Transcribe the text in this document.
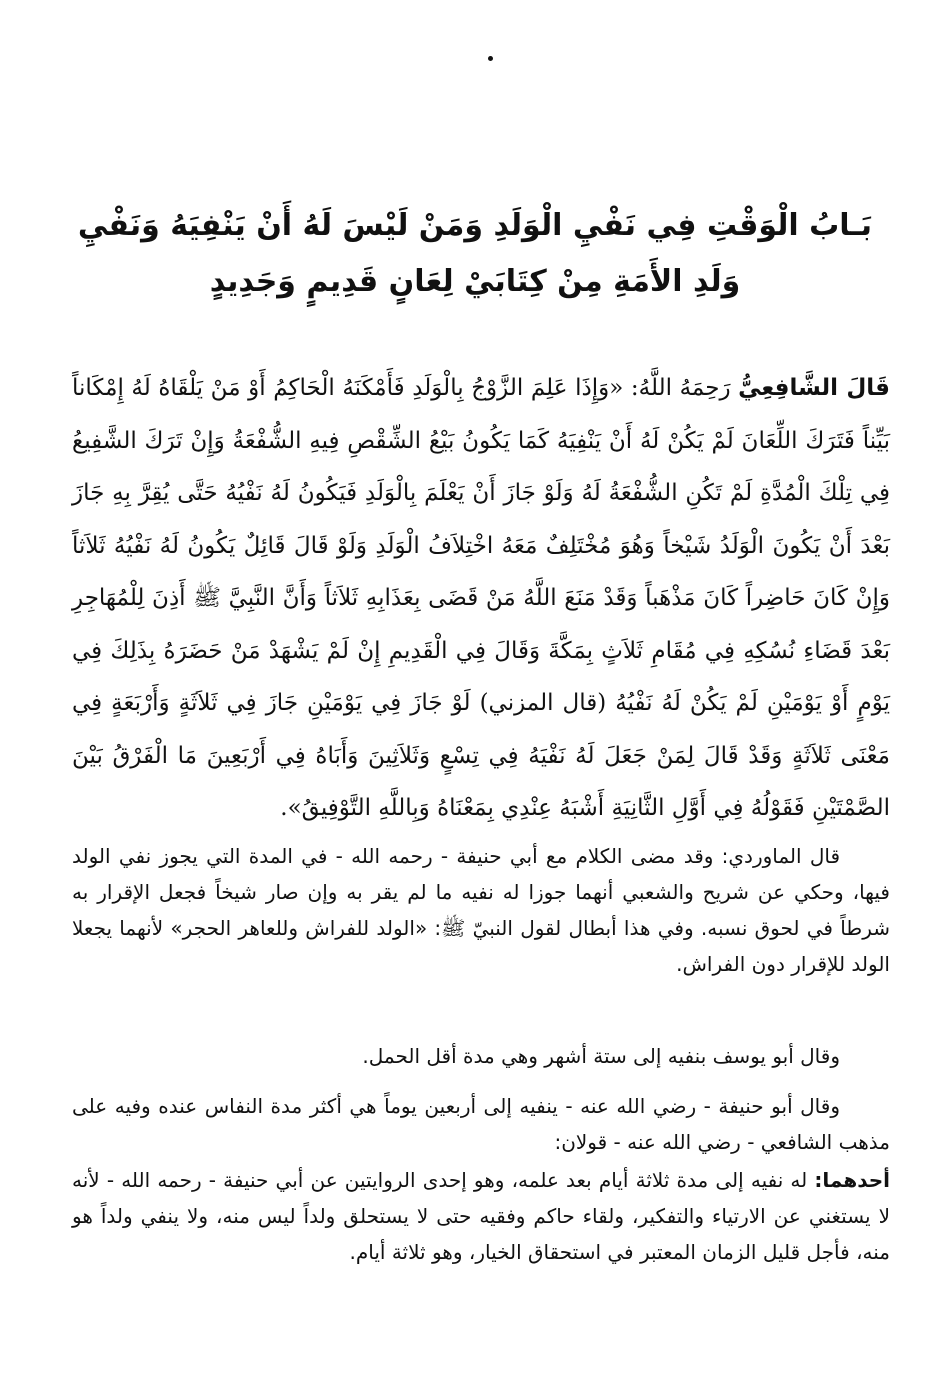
بَـابُ الْوَقْتِ فِي نَفْيِ الْوَلَدِ وَمَنْ لَيْسَ لَهُ أَنْ يَنْفِيَهُ وَنَفْيِ وَلَدِ الأَمَةِ مِنْ كِتَابَيْ لِعَانٍ قَدِيمٍ وَجَدِيدٍ

قَالَ الشَّافِعِيُّ رَحِمَهُ اللَّهُ: «وَإِذَا عَلِمَ الزَّوْجُ بِالْوَلَدِ فَأَمْكَنَهُ الْحَاكِمُ أَوْ مَنْ يَلْقَاهُ لَهُ إِمْكَاناً بَيِّناً فَتَرَكَ اللِّعَانَ لَمْ يَكُنْ لَهُ أَنْ يَنْفِيَهُ كَمَا يَكُونُ بَيْعُ الشِّقْصِ فِيهِ الشُّفْعَةُ وَإِنْ تَرَكَ الشَّفِيعُ فِي تِلْكَ الْمُدَّةِ لَمْ تَكُنِ الشُّفْعَةُ لَهُ وَلَوْ جَازَ أَنْ يَعْلَمَ بِالْوَلَدِ فَيَكُونُ لَهُ نَفْيُهُ حَتَّى يُقِرَّ بِهِ جَازَ بَعْدَ أَنْ يَكُونَ الْوَلَدُ شَيْخاً وَهُوَ مُخْتَلِفٌ مَعَهُ اخْتِلاَفُ الْوَلَدِ وَلَوْ قَالَ قَائِلٌ يَكُونُ لَهُ نَفْيُهُ ثَلاَثاً وَإِنْ كَانَ حَاضِراً كَانَ مَذْهَباً وَقَدْ مَنَعَ اللَّهُ مَنْ قَضَى بِعَذَابِهِ ثَلاَثاً وَأَنَّ النَّبِيَّ ﷺ أَذِنَ لِلْمُهَاجِرِ بَعْدَ قَضَاءِ نُسُكِهِ فِي مُقَامِ ثَلاَثٍ بِمَكَّةَ وَقَالَ فِي الْقَدِيمِ إِنْ لَمْ يَشْهَدْ مَنْ حَضَرَهُ بِذَلِكَ فِي يَوْمٍ أَوْ يَوْمَيْنِ لَمْ يَكُنْ لَهُ نَفْيُهُ (قال المزني) لَوْ جَازَ فِي يَوْمَيْنِ جَازَ فِي ثَلاَثَةٍ وَأَرْبَعَةٍ فِي مَعْنَى ثَلاَثَةٍ وَقَدْ قَالَ لِمَنْ جَعَلَ لَهُ نَفْيَهُ فِي تِسْعٍ وَثَلاَثِينَ وَأَبَاهُ فِي أَرْبَعِينَ مَا الْفَرْقُ بَيْنَ الصَّمْتَيْنِ فَقَوْلُهُ فِي أَوَّلِ الثَّانِيَةِ أَشْبَهُ عِنْدِي بِمَعْنَاهُ وَبِاللَّهِ التَّوْفِيقُ».

قال الماوردي: وقد مضى الكلام مع أبي حنيفة - رحمه الله - في المدة التي يجوز نفي الولد فيها، وحكي عن شريح والشعبي أنهما جوزا له نفيه ما لم يقر به وإن صار شيخاً فجعل الإقرار به شرطاً في لحوق نسبه. وفي هذا أبطال لقول النبيّ ﷺ: «الولد للفراش وللعاهر الحجر» لأنهما يجعلا الولد للإقرار دون الفراش.

وقال أبو يوسف بنفيه إلى ستة أشهر وهي مدة أقل الحمل.

وقال أبو حنيفة - رضي الله عنه - ينفيه إلى أربعين يوماً هي أكثر مدة النفاس عنده وفيه على مذهب الشافعي - رضي الله عنه - قولان:

أحدهما: له نفيه إلى مدة ثلاثة أيام بعد علمه، وهو إحدى الروايتين عن أبي حنيفة - رحمه الله - لأنه لا يستغني عن الارتياء والتفكير، ولقاء حاكم وفقيه حتى لا يستحلق ولداً ليس منه، ولا ينفي ولداً هو منه، فأجل قليل الزمان المعتبر في استحقاق الخيار، وهو ثلاثة أيام.
